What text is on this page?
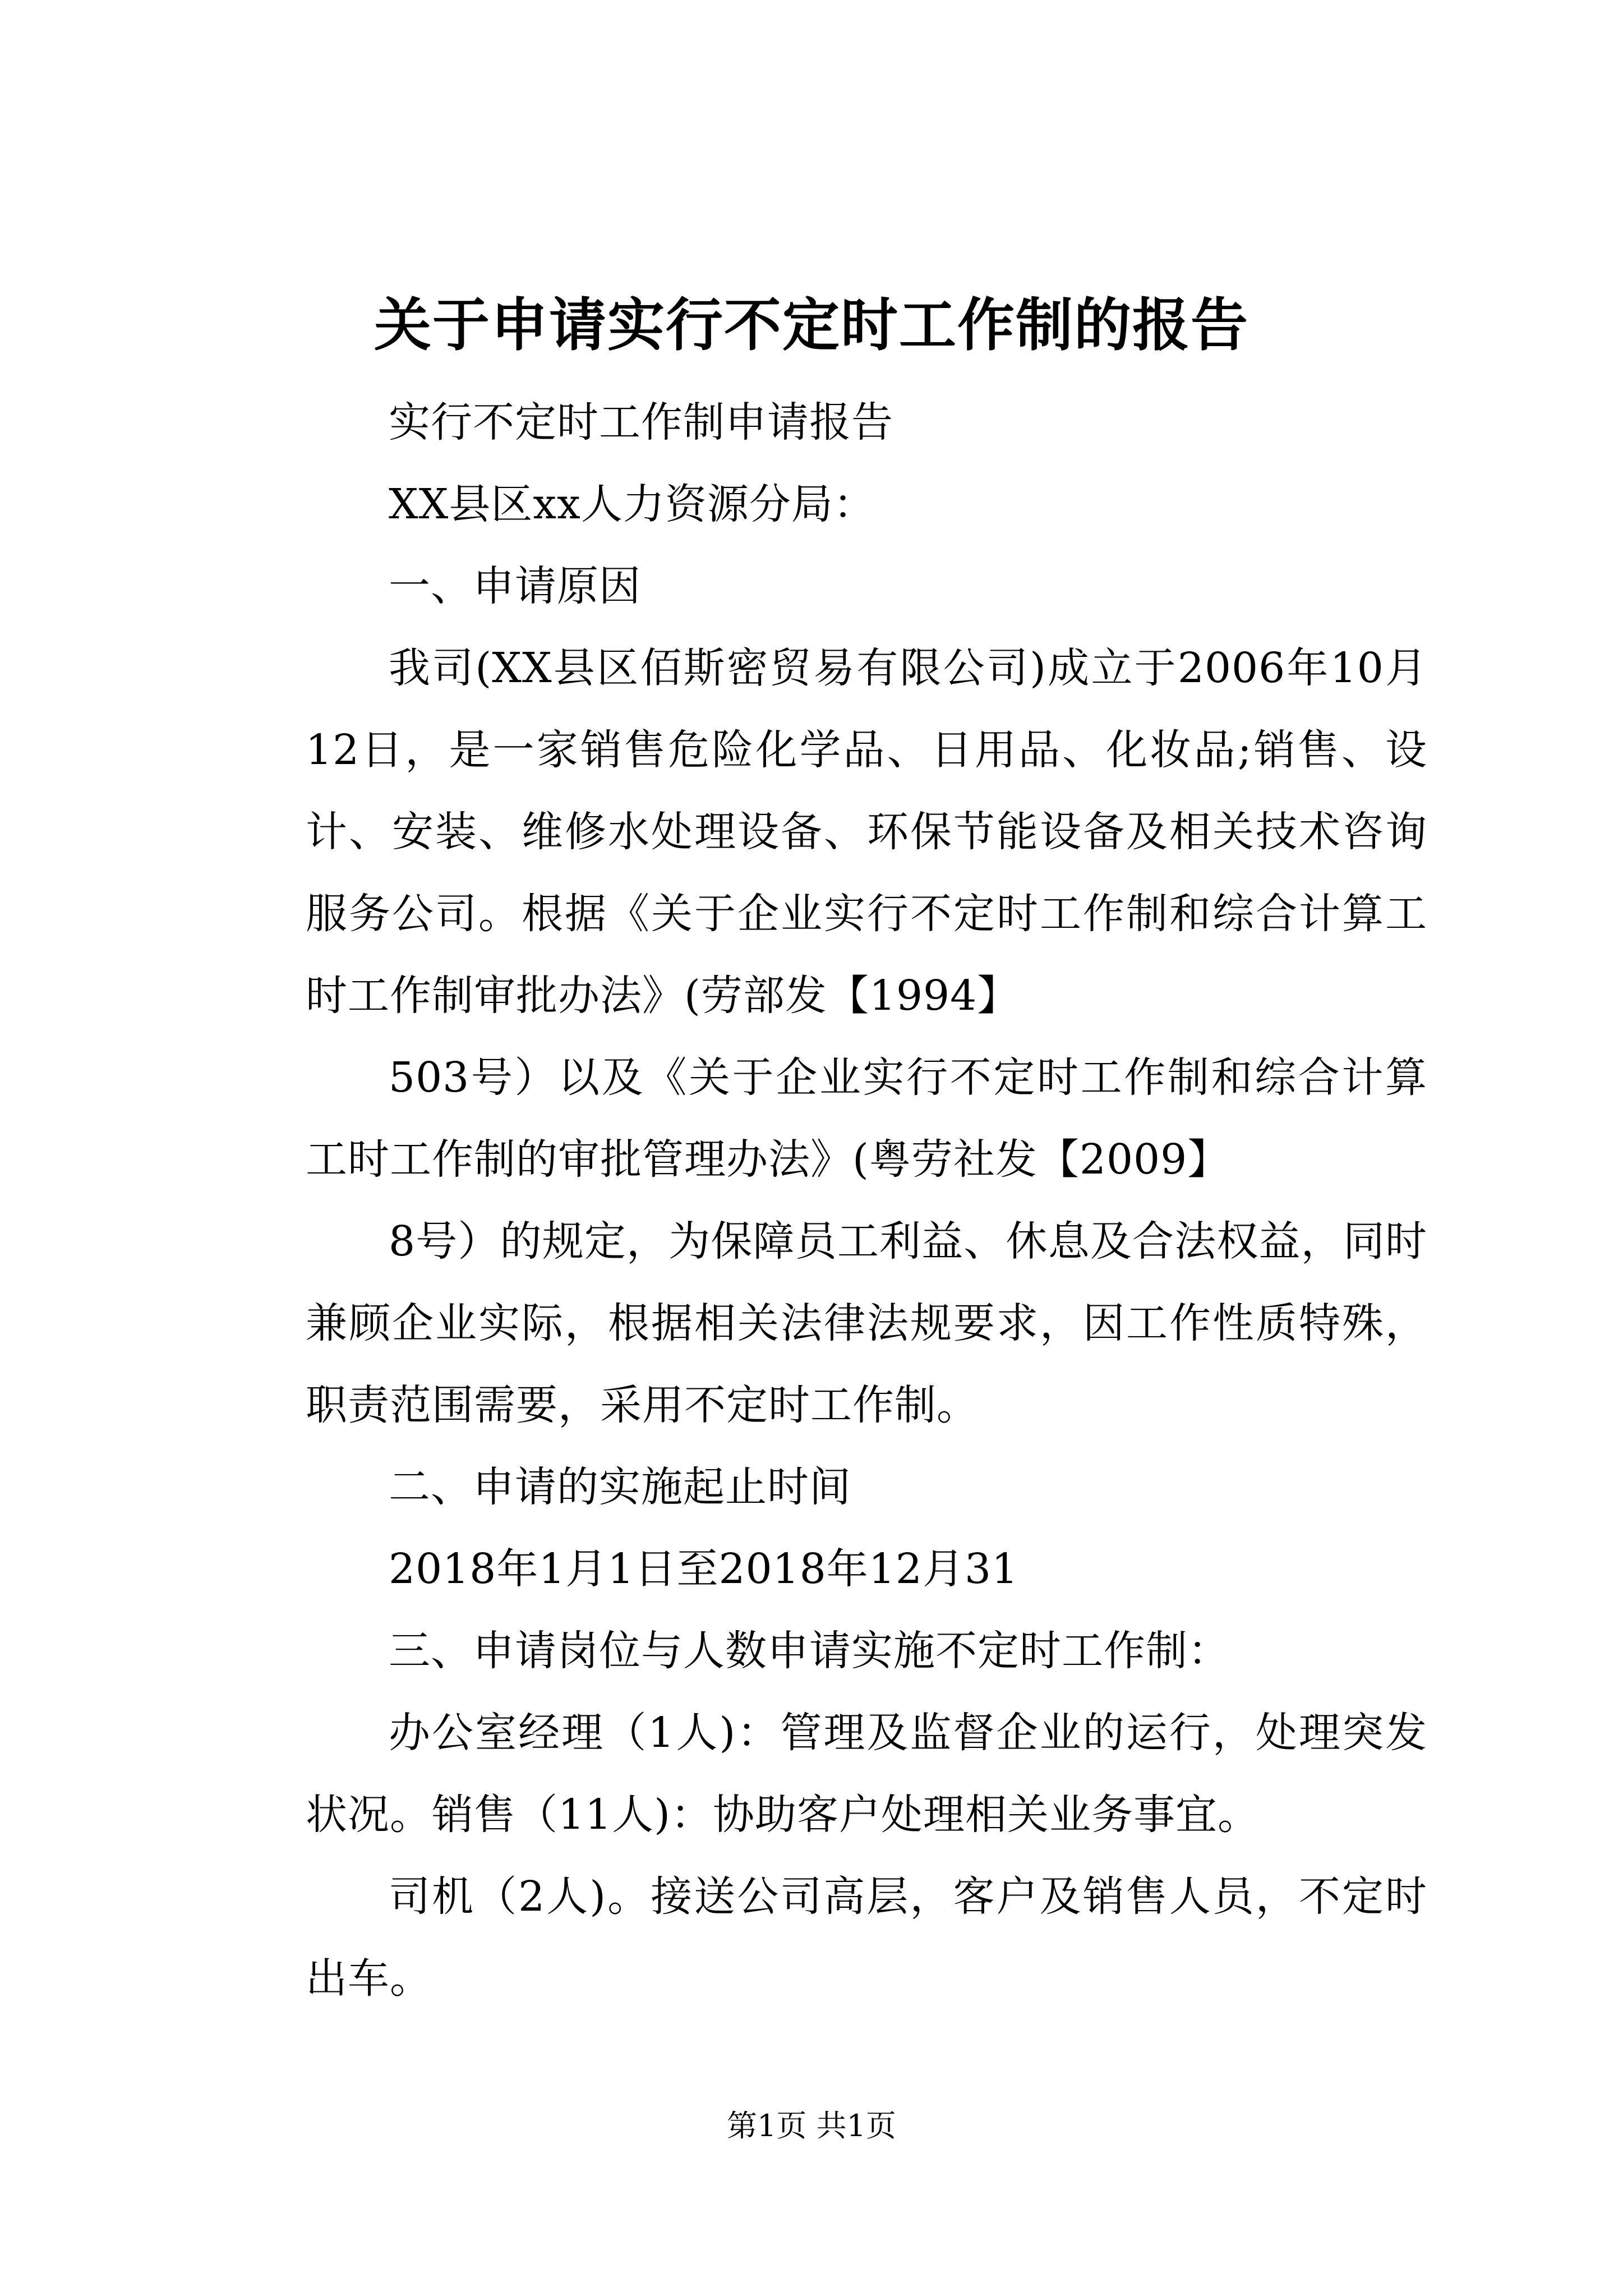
关于申请实行不定时工作制的报告

实行不定时工作制申请报告

XX县区xx人力资源分局：

一、申请原因

我司(XX县区佰斯密贸易有限公司)成立于2006年10月12日，是一家销售危险化学品、日用品、化妆品;销售、设计、安装、维修水处理设备、环保节能设备及相关技术咨询服务公司。根据《关于企业实行不定时工作制和综合计算工时工作制审批办法》(劳部发【1994】

503号）以及《关于企业实行不定时工作制和综合计算工时工作制的审批管理办法》(粤劳社发【2009】

8号）的规定，为保障员工利益、休息及合法权益，同时兼顾企业实际，根据相关法律法规要求，因工作性质特殊，职责范围需要，采用不定时工作制。

二、申请的实施起止时间

2018年1月1日至2018年12月31

三、申请岗位与人数申请实施不定时工作制：

办公室经理（1人)：管理及监督企业的运行，处理突发状况。销售（11人)：协助客户处理相关业务事宜。

司机（2人)。接送公司高层，客户及销售人员，不定时出车。

第1页 共1页
